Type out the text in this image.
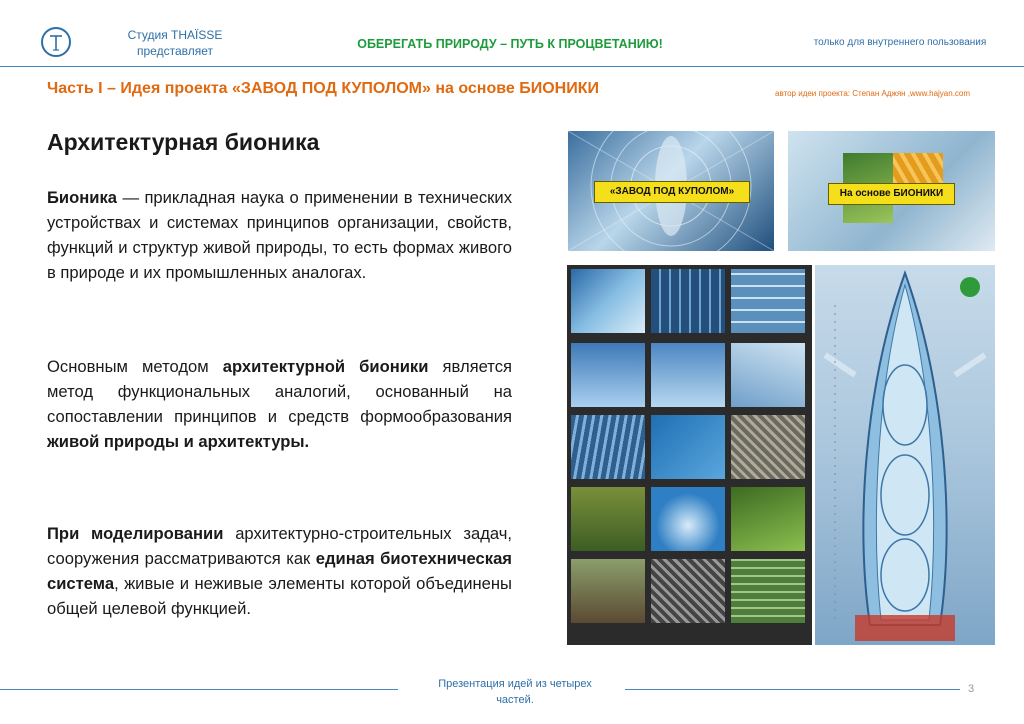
Студия THAÏSSE
представляет	ОБЕРЕГАТЬ ПРИРОДУ – ПУТЬ К ПРОЦВЕТАНИЮ!	только для внутреннего пользования
Часть I – Идея проекта «ЗАВОД ПОД КУПОЛОМ» на основе БИОНИКИ	автор идеи проекта: Степан Аджян ,www.hajyan.com
Архитектурная бионика
Бионика — прикладная наука о применении в технических устройствах и системах принципов организации, свойств, функций и структур живой природы, то есть формах живого в природе и их промышленных аналогах.
Основным методом архитектурной бионики является метод функциональных аналогий, основанный на сопоставлении принципов и средств формообразования живой природы и архитектуры.
При моделировании архитектурно-строительных задач, сооружения рассматриваются как единая биотехническая система, живые и неживые элементы которой объединены общей целевой функцией.
«ЗАВОД ПОД КУПОЛОМ»	На основе БИОНИКИ
Презентация идей из четырех
частей.
3
